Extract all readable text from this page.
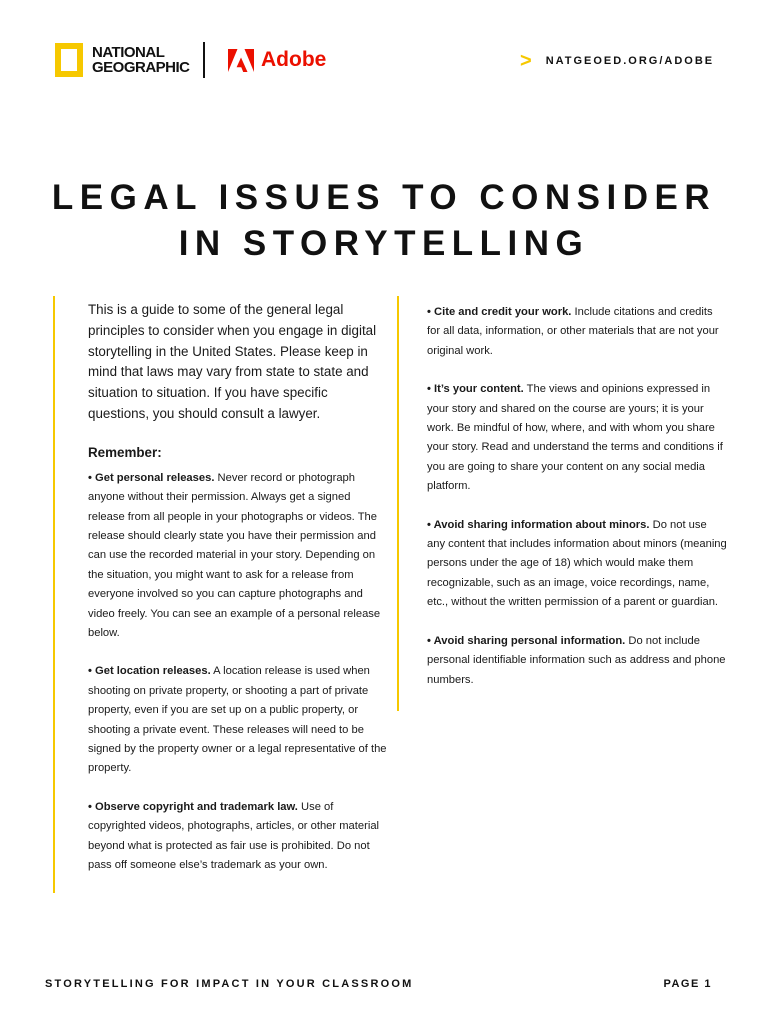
NATIONAL
GEOGRAPHIC	Adobe	> NATGEOED.ORG/ADOBE
LEGAL ISSUES TO CONSIDER
IN STORYTELLING

This is a guide to some of the general legal principles to consider when you engage in digital storytelling in the United States. Please keep in mind that laws may vary from state to state and situation to situation. If you have specific questions, you should consult a lawyer.

Remember:

• Get personal releases. Never record or photograph anyone without their permission. Always get a signed release from all people in your photographs or videos. The release should clearly state you have their permission and can use the recorded material in your story. Depending on the situation, you might want to ask for a release from everyone involved so you can capture photographs and video freely. You can see an example of a personal release below.

• Get location releases. A location release is used when shooting on private property, or shooting a part of private property, even if you are set up on a public property, or shooting a private event. These releases will need to be signed by the property owner or a legal representative of the property.

• Observe copyright and trademark law. Use of copyrighted videos, photographs, articles, or other material beyond what is protected as fair use is prohibited. Do not pass off someone else’s trademark as your own.

• Cite and credit your work. Include citations and credits for all data, information, or other materials that are not your original work.

• It’s your content. The views and opinions expressed in your story and shared on the course are yours; it is your work. Be mindful of how, where, and with whom you share your story. Read and understand the terms and conditions if you are going to share your content on any social media platform.

• Avoid sharing information about minors. Do not use any content that includes information about minors (meaning persons under the age of 18) which would make them recognizable, such as an image, voice recordings, name, etc., without the written permission of a parent or guardian.

• Avoid sharing personal information. Do not include personal identifiable information such as address and phone numbers.

STORYTELLING FOR IMPACT IN YOUR CLASSROOM	PAGE 1
